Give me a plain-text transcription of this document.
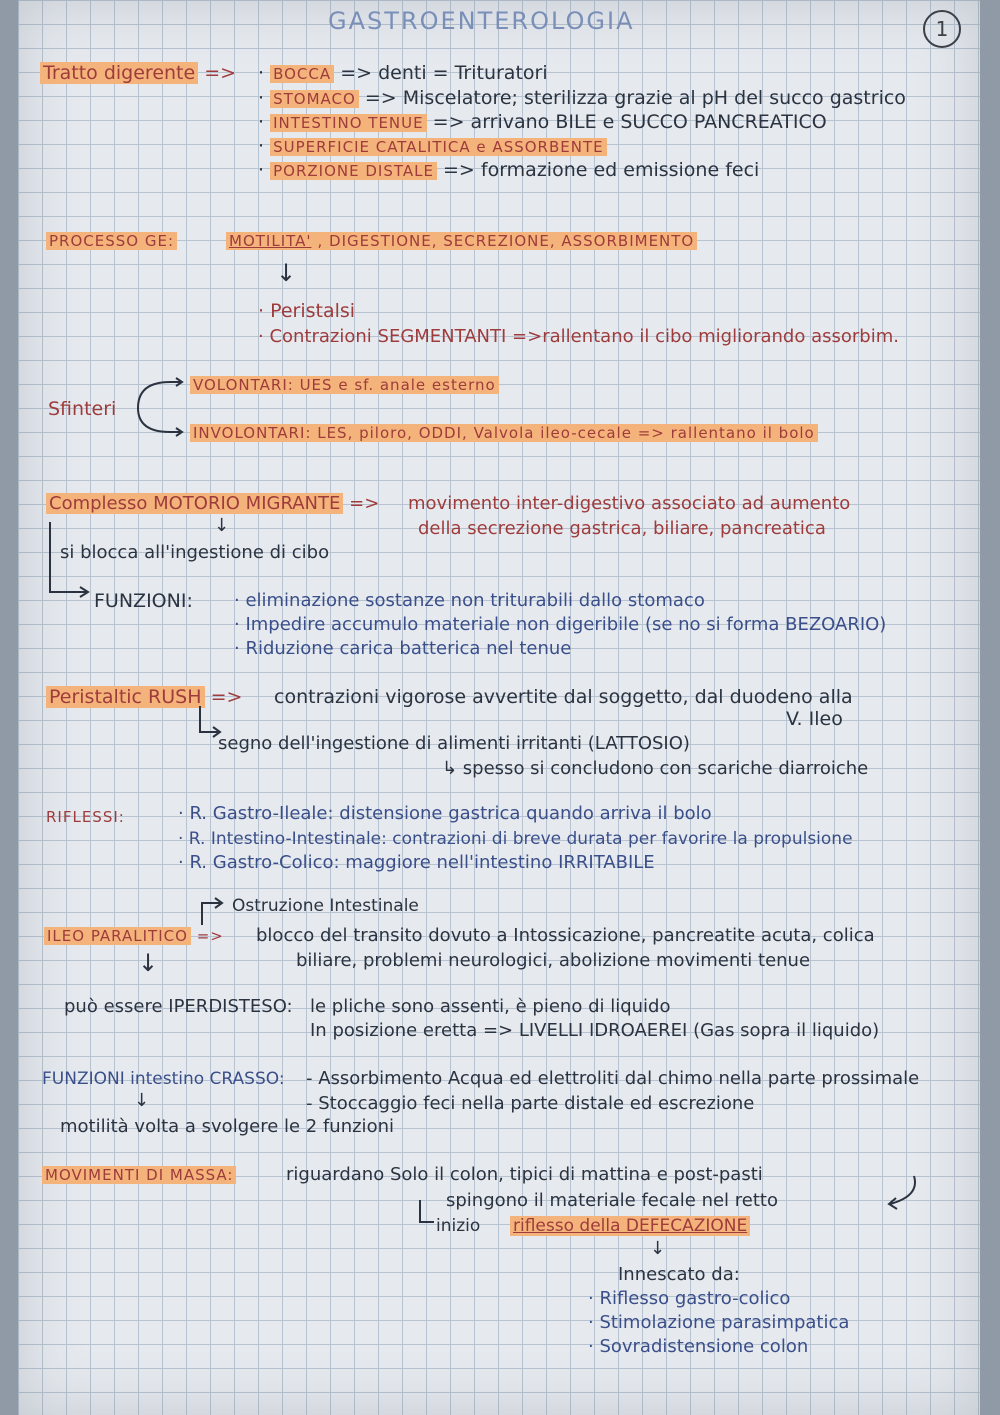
GASTROENTEROLOGIA	1
Tratto digerente => · BOCCA => denti = Trituratori
· STOMACO => Miscelatore; sterilizza grazie al pH del succo gastrico
· INTESTINO TENUE => arrivano BILE e SUCCO PANCREATICO
· SUPERFICIE CATALITICA e ASSORBENTE
· PORZIONE DISTALE => formazione ed emissione feci
PROCESSO GE:	MOTILITA' , DIGESTIONE, SECREZIONE, ASSORBIMENTO
↓
· Peristalsi
· Contrazioni SEGMENTANTI =>rallentano il cibo migliorando assorbim.
Sfinteri
VOLONTARI: UES e sf. anale esterno
INVOLONTARI: LES, piloro, ODDI, Valvola ileo-cecale => rallentano il bolo
Complesso MOTORIO MIGRANTE => movimento inter-digestivo associato ad aumento
della secrezione gastrica, biliare, pancreatica
↓
si blocca all'ingestione di cibo
FUNZIONI: · eliminazione sostanze non triturabili dallo stomaco
· Impedire accumulo materiale non digeribile (se no si forma BEZOARIO)
· Riduzione carica batterica nel tenue
Peristaltic RUSH => contrazioni vigorose avvertite dal soggetto, dal duodeno alla
V. Ileo
segno dell'ingestione di alimenti irritanti (LATTOSIO)
↳ spesso si concludono con scariche diarroiche
RIFLESSI:	· R. Gastro-Ileale: distensione gastrica quando arriva il bolo
· R. Intestino-Intestinale: contrazioni di breve durata per favorire la propulsione
· R. Gastro-Colico: maggiore nell'intestino IRRITABILE
Ostruzione Intestinale
ILEO PARALITICO => blocco del transito dovuto a Intossicazione, pancreatite acuta, colica
biliare, problemi neurologici, abolizione movimenti tenue
↓
può essere IPERDISTESO: le pliche sono assenti, è pieno di liquido
In posizione eretta => LIVELLI IDROAEREI (Gas sopra il liquido)
FUNZIONI intestino CRASSO: - Assorbimento Acqua ed elettroliti dal chimo nella parte prossimale
- Stoccaggio feci nella parte distale ed escrezione
↓
motilità volta a svolgere le 2 funzioni
MOVIMENTI DI MASSA:	riguardano Solo il colon, tipici di mattina e post-pasti
spingono il materiale fecale nel retto
inizio riflesso della DEFECAZIONE
↓
Innescato da:
· Riflesso gastro-colico
· Stimolazione parasimpatica
· Sovradistensione colon
